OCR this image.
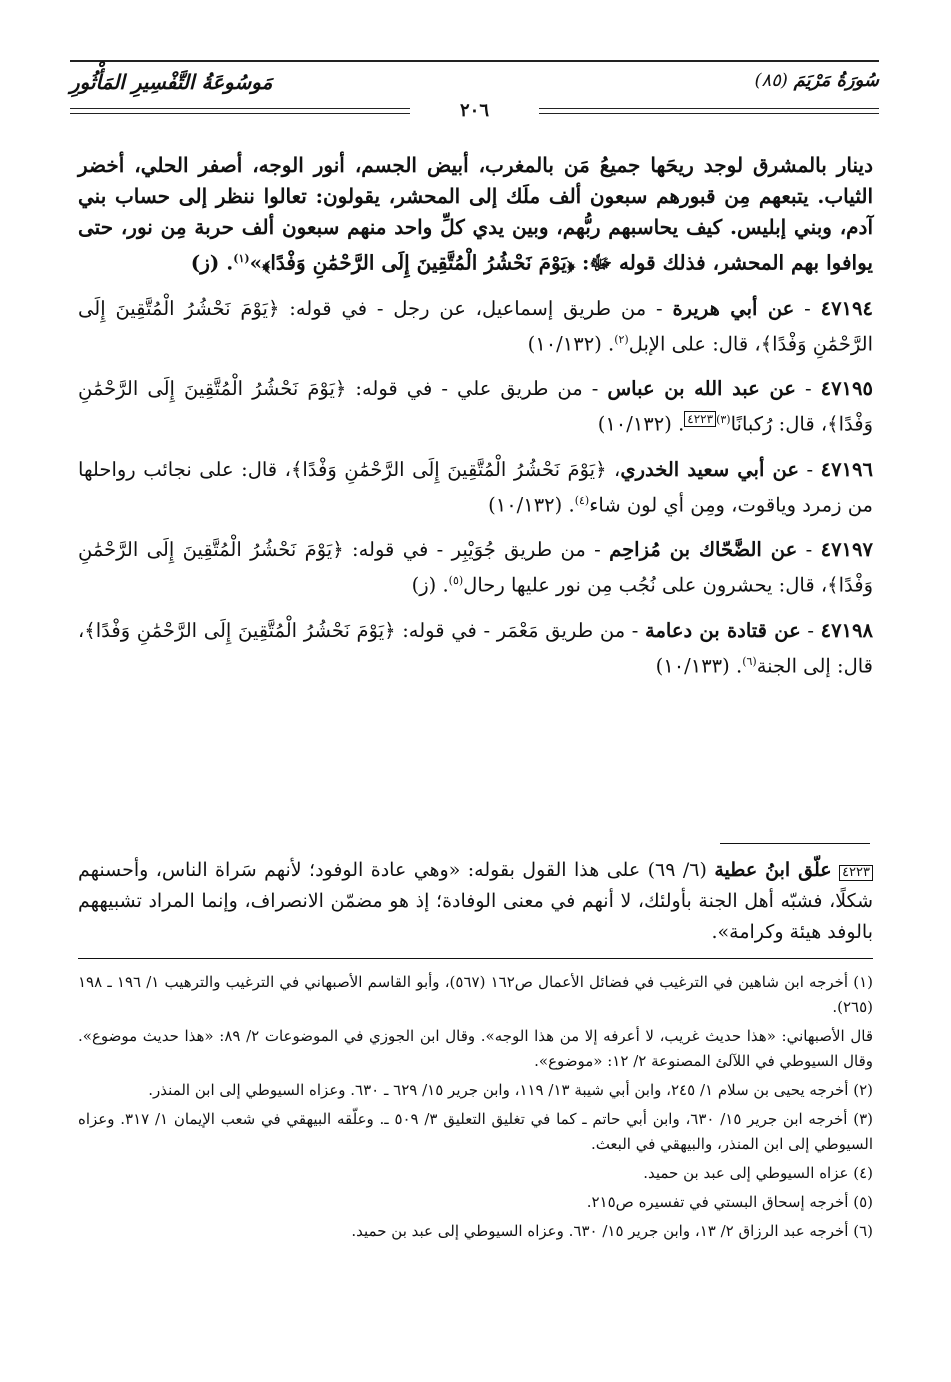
سُورَةُ مَرْيَمَ (٨٥)
مَوسُوعَةُ التَّفْسِيرِ المَأْثُورِ
٢٠٦

دينار بالمشرق لوجد ريحَها جميعُ مَن بالمغرب، أبيض الجسم، أنور الوجه، أصفر الحلي، أخضر الثياب. يتبعهم مِن قبورهم سبعون ألف ملَك إلى المحشر، يقولون: تعالوا ننظر إلى حساب بني آدم، وبني إبليس. كيف يحاسبهم ربُّهم، وبين يدي كلِّ واحد منهم سبعون ألف حربة مِن نور، حتى يوافوا بهم المحشر، فذلك قوله ﷻ: ﴿يَوْمَ نَحْشُرُ الْمُتَّقِينَ إِلَى الرَّحْمَٰنِ وَفْدًا﴾»$^{(١)}$. (ز)

٤٧١٩٤ - عن أبي هريرة - من طريق إسماعيل، عن رجل - في قوله: ﴿يَوْمَ نَحْشُرُ الْمُتَّقِينَ إِلَى الرَّحْمَٰنِ وَفْدًا﴾، قال: على الإبل$^{(٢)}$. (١٠/١٣٢)

٤٧١٩٥ - عن عبد الله بن عباس - من طريق علي - في قوله: ﴿يَوْمَ نَحْشُرُ الْمُتَّقِينَ إِلَى الرَّحْمَٰنِ وَفْدًا﴾، قال: رُكبانًا$^{(٣)}$٤٢٢٣. (١٠/١٣٢)

٤٧١٩٦ - عن أبي سعيد الخدري، ﴿يَوْمَ نَحْشُرُ الْمُتَّقِينَ إِلَى الرَّحْمَٰنِ وَفْدًا﴾، قال: على نجائب رواحلها من زمرد وياقوت، ومِن أي لون شاء$^{(٤)}$. (١٠/١٣٢)

٤٧١٩٧ - عن الضَّحّاك بن مُزاحِم - من طريق جُوَيْبِر - في قوله: ﴿يَوْمَ نَحْشُرُ الْمُتَّقِينَ إِلَى الرَّحْمَٰنِ وَفْدًا﴾، قال: يحشرون على نُجُب مِن نور عليها رحال$^{(٥)}$. (ز)

٤٧١٩٨ - عن قتادة بن دعامة - من طريق مَعْمَر - في قوله: ﴿يَوْمَ نَحْشُرُ الْمُتَّقِينَ إِلَى الرَّحْمَٰنِ وَفْدًا﴾، قال: إلى الجنة$^{(٦)}$. (١٠/١٣٣)

٤٢٢٣ علّق ابنُ عطية (٦/ ٦٩) على هذا القول بقوله: «وهي عادة الوفود؛ لأنهم سَراة الناس، وأحسنهم شكلًا، فشبّه أهل الجنة بأولئك، لا أنهم في معنى الوفادة؛ إذ هو مضمّن الانصراف، وإنما المراد تشبيههم بالوفد هيئة وكرامة».

(١) أخرجه ابن شاهين في الترغيب في فضائل الأعمال ص١٦٢ (٥٦٧)، وأبو القاسم الأصبهاني في الترغيب والترهيب ١/ ١٩٦ ـ ١٩٨ (٢٦٥).

قال الأصبهاني: «هذا حديث غريب، لا أعرفه إلا من هذا الوجه». وقال ابن الجوزي في الموضوعات ٢/ ٨٩: «هذا حديث موضوع». وقال السيوطي في اللآلئ المصنوعة ٢/ ١٢: «موضوع».

(٢) أخرجه يحيى بن سلام ١/ ٢٤٥، وابن أبي شيبة ١٣/ ١١٩، وابن جرير ١٥/ ٦٢٩ ـ ٦٣٠. وعزاه السيوطي إلى ابن المنذر.

(٣) أخرجه ابن جرير ١٥/ ٦٣٠، وابن أبي حاتم ـ كما في تغليق التعليق ٣/ ٥٠٩ ـ. وعلّقه البيهقي في شعب الإيمان ١/ ٣١٧. وعزاه السيوطي إلى ابن المنذر، والبيهقي في البعث.

(٤) عزاه السيوطي إلى عبد بن حميد.

(٥) أخرجه إسحاق البستي في تفسيره ص٢١٥.

(٦) أخرجه عبد الرزاق ٢/ ١٣، وابن جرير ١٥/ ٦٣٠. وعزاه السيوطي إلى عبد بن حميد.
